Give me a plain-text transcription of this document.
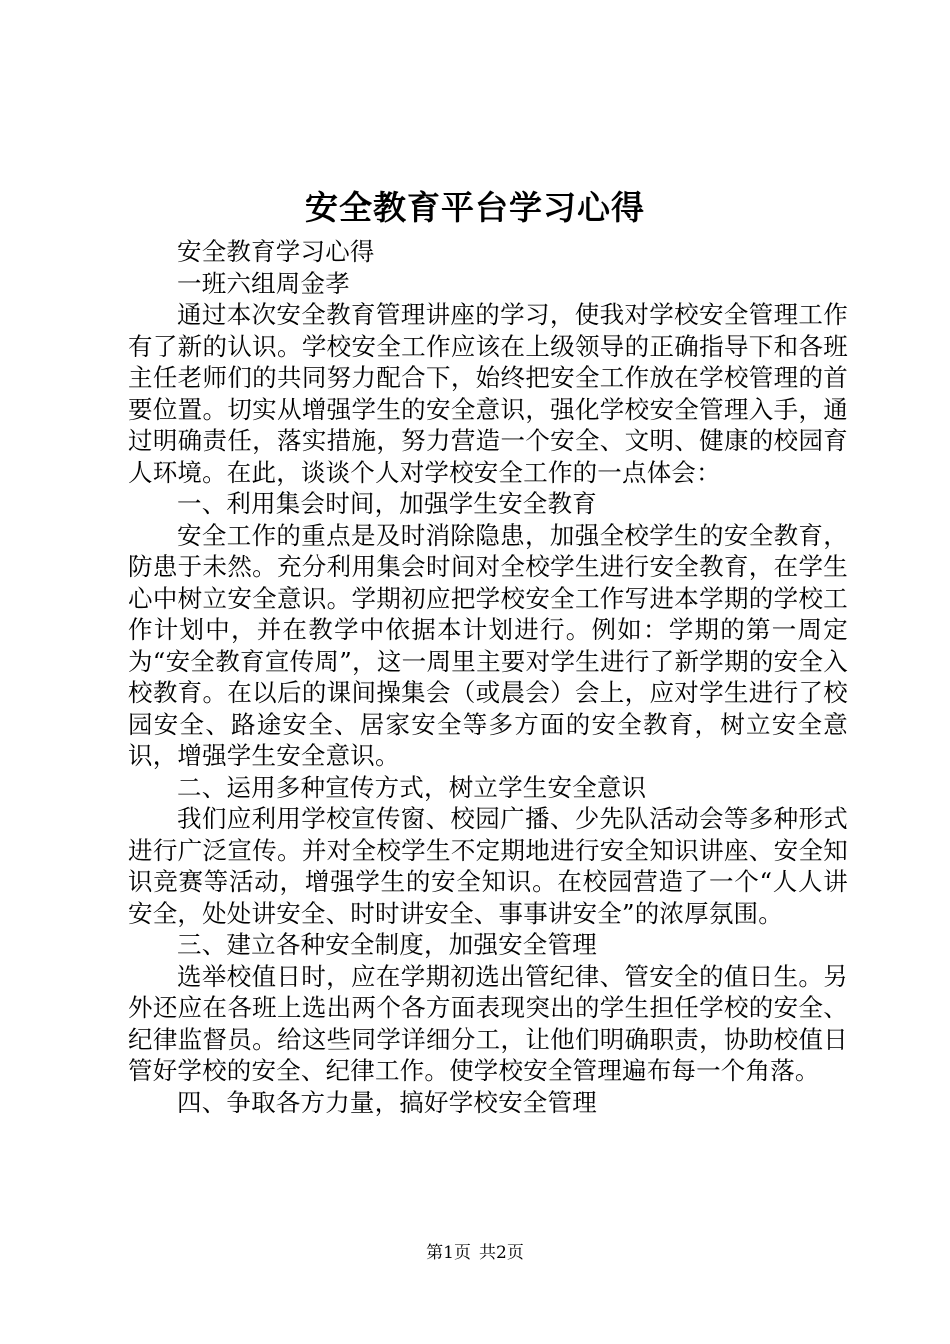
安全教育平台学习心得

安全教育学习心得

一班六组周金孝

通过本次安全教育管理讲座的学习，使我对学校安全管理工作有了新的认识。学校安全工作应该在上级领导的正确指导下和各班主任老师们的共同努力配合下，始终把安全工作放在学校管理的首要位置。切实从增强学生的安全意识，强化学校安全管理入手，通过明确责任，落实措施，努力营造一个安全、文明、健康的校园育人环境。在此，谈谈个人对学校安全工作的一点体会：

一、利用集会时间，加强学生安全教育

安全工作的重点是及时消除隐患，加强全校学生的安全教育，防患于未然。充分利用集会时间对全校学生进行安全教育，在学生心中树立安全意识。学期初应把学校安全工作写进本学期的学校工作计划中，并在教学中依据本计划进行。例如：学期的第一周定为“安全教育宣传周”，这一周里主要对学生进行了新学期的安全入校教育。在以后的课间操集会（或晨会）会上，应对学生进行了校园安全、路途安全、居家安全等多方面的安全教育，树立安全意识，增强学生安全意识。

二、运用多种宣传方式，树立学生安全意识

我们应利用学校宣传窗、校园广播、少先队活动会等多种形式进行广泛宣传。并对全校学生不定期地进行安全知识讲座、安全知识竞赛等活动，增强学生的安全知识。在校园营造了一个“人人讲安全，处处讲安全、时时讲安全、事事讲安全”的浓厚氛围。

三、建立各种安全制度，加强安全管理

选举校值日时，应在学期初选出管纪律、管安全的值日生。另外还应在各班上选出两个各方面表现突出的学生担任学校的安全、纪律监督员。给这些同学详细分工，让他们明确职责，协助校值日管好学校的安全、纪律工作。使学校安全管理遍布每一个角落。

四、争取各方力量，搞好学校安全管理

第1页 共2页
